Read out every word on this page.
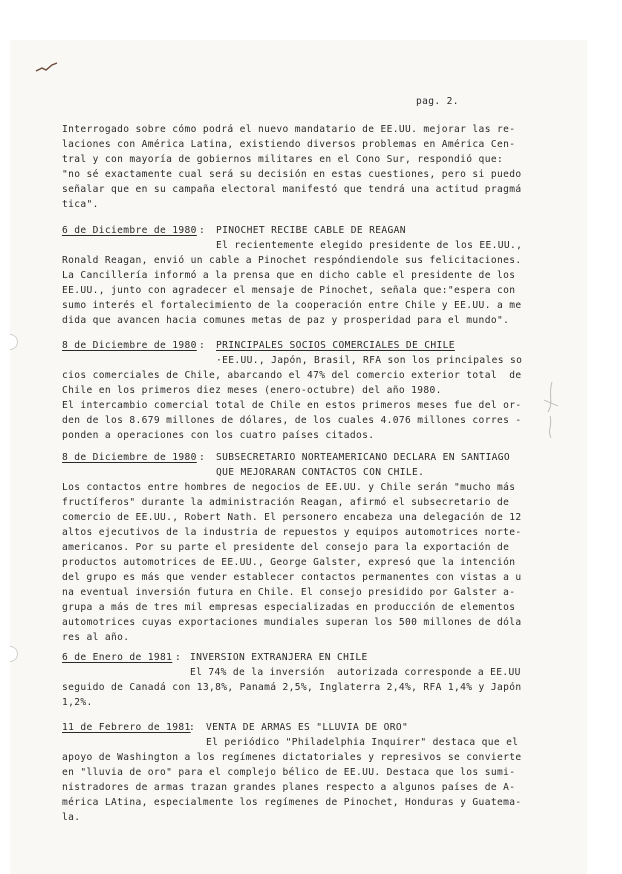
pag. 2.
Interrogado sobre cómo podrá el nuevo mandatario de EE.UU. mejorar las re-
laciones con América Latina, existiendo diversos problemas en América Cen-
tral y con mayoría de gobiernos militares en el Cono Sur, respondió que:
"no sé exactamente cual será su decisión en estas cuestiones, pero si puedo
señalar que en su campaña electoral manifestó que tendrá una actitud pragmá
tica".
6 de Diciembre de 1980 : PINOCHET RECIBE CABLE DE REAGAN
El recientemente elegido presidente de los EE.UU.,
Ronald Reagan, envió un cable a Pinochet respóndiendole sus felicitaciones.
La Cancillería informó a la prensa que en dicho cable el presidente de los
EE.UU., junto con agradecer el mensaje de Pinochet, señala que:"espera con
sumo interés el fortalecimiento de la cooperación entre Chile y EE.UU. a me
dida que avancen hacia comunes metas de paz y prosperidad para el mundo".
8 de Diciembre de 1980 : PRINCIPALES SOCIOS COMERCIALES DE CHILE
·EE.UU., Japón, Brasil, RFA son los principales so
cios comerciales de Chile, abarcando el 47% del comercio exterior total  de
Chile en los primeros diez meses (enero-octubre) del año 1980.
El intercambio comercial total de Chile en estos primeros meses fue del or-
den de los 8.679 millones de dólares, de los cuales 4.076 millones corres -
ponden a operaciones con los cuatro países citados.
8 de Diciembre de 1980 : SUBSECRETARIO NORTEAMERICANO DECLARA EN SANTIAGO
QUE MEJORARAN CONTACTOS CON CHILE.
Los contactos entre hombres de negocios de EE.UU. y Chile serán "mucho más
fructíferos" durante la administración Reagan, afirmó el subsecretario de
comercio de EE.UU., Robert Nath. El personero encabeza una delegación de 12
altos ejecutivos de la industria de repuestos y equipos automotrices norte-
americanos. Por su parte el presidente del consejo para la exportación de
productos automotrices de EE.UU., George Galster, expresó que la intención
del grupo es más que vender establecer contactos permanentes con vistas a u
na eventual inversión futura en Chile. El consejo presidido por Galster a-
grupa a más de tres mil empresas especializadas en producción de elementos
automotrices cuyas exportaciones mundiales superan los 500 millones de dóla
res al año.
6 de Enero de 1981 : INVERSION EXTRANJERA EN CHILE
El 74% de la inversión  autorizada corresponde a EE.UU
seguido de Canadá con 13,8%, Panamá 2,5%, Inglaterra 2,4%, RFA 1,4% y Japón
1,2%.
11 de Febrero de 1981
: VENTA DE ARMAS ES "LLUVIA DE ORO"
El periódico "Philadelphia Inquirer" destaca que el
apoyo de Washington a los regímenes dictatoriales y represivos se convierte
en "lluvia de oro" para el complejo bélico de EE.UU. Destaca que los sumi-
nistradores de armas trazan grandes planes respecto a algunos países de A-
mérica LAtina, especialmente los regímenes de Pinochet, Honduras y Guatema-
la.
